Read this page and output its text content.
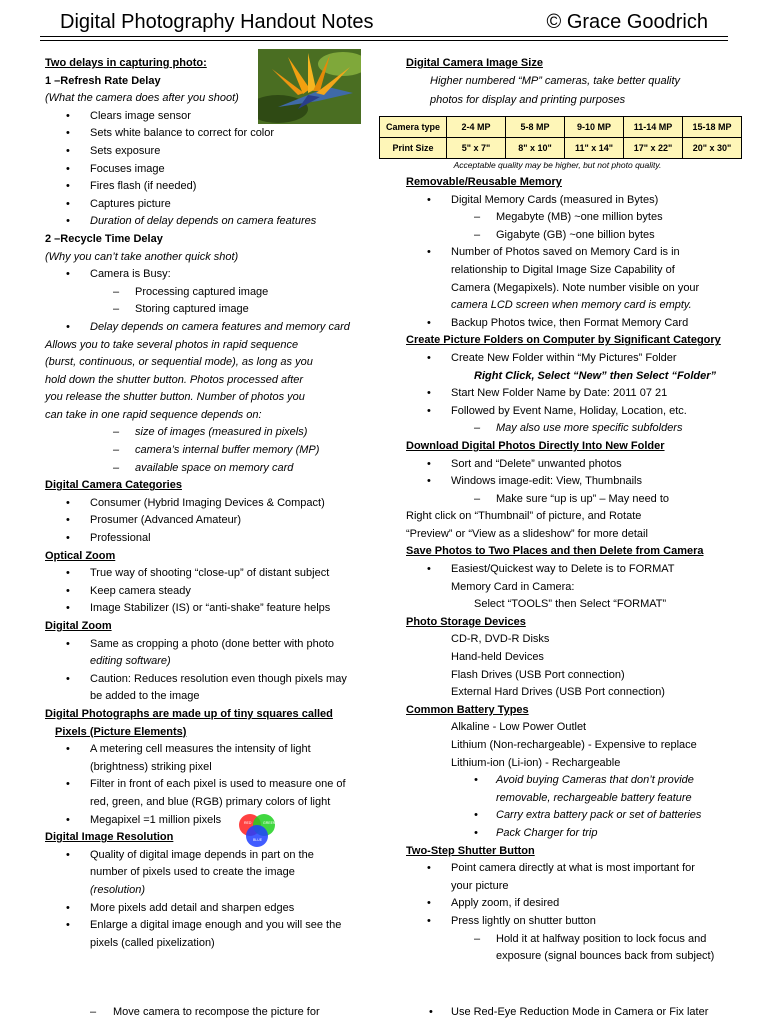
Digital Photography Handout Notes	© Grace Goodrich
Two delays in capturing photo:
1 –Refresh Rate Delay
(What the camera does after you shoot)
• Clears image sensor
• Sets white balance to correct for color
• Sets exposure
• Focuses image
• Fires flash (if needed)
• Captures picture
• Duration of delay depends on camera features
2 –Recycle Time Delay
(Why you can’t take another quick shot)
• Camera is Busy:
– Processing captured image
– Storing captured image
• Delay depends on camera features and memory card
Allows you to take several photos in rapid sequence
(burst, continuous, or sequential mode), as long as you
hold down the shutter button. Photos processed after
you release the shutter button. Number of photos you
can take in one rapid sequence depends on:
– size of images (measured in pixels)
– camera’s internal buffer memory (MP)
– available space on memory card
Digital Camera Categories
• Consumer (Hybrid Imaging Devices & Compact)
• Prosumer (Advanced Amateur)
• Professional
Optical Zoom
• True way of shooting “close-up” of distant subject
• Keep camera steady
• Image Stabilizer (IS) or “anti-shake” feature helps
Digital Zoom
• Same as cropping a photo (done better with photo
editing software)
• Caution: Reduces resolution even though pixels may
be added to the image
Digital Photographs are made up of tiny squares called
Pixels (Picture Elements)
• A metering cell measures the intensity of light
(brightness) striking pixel
• Filter in front of each pixel is used to measure one of
red, green, and blue (RGB) primary colors of light
• Megapixel =1 million pixels
Digital Image Resolution
• Quality of digital image depends in part on the
number of pixels used to create the image
(resolution)
• More pixels add detail and sharpen edges
• Enlarge a digital image enough and you will see the
pixels (called pixelization)
RED	GREEN
BLUE
Digital Camera Image Size
Higher numbered “MP” cameras, take better quality
photos for display and printing purposes
Camera type	2-4 MP	5-8 MP	9-10 MP	11-14 MP	15-18 MP
Print Size	5" x 7"	8" x 10"	11" x 14"	17" x 22"	20" x 30"
Acceptable quality may be higher, but not photo quality.
Removable/Reusable Memory
• Digital Memory Cards (measured in Bytes)
– Megabyte (MB) ~one million bytes
– Gigabyte (GB) ~one billion bytes
• Number of Photos saved on Memory Card is in
relationship to Digital Image Size Capability of
Camera (Megapixels). Note number visible on your
camera LCD screen when memory card is empty.
• Backup Photos twice, then Format Memory Card
Create Picture Folders on Computer by Significant Category
• Create New Folder within “My Pictures” Folder
Right Click, Select “New” then Select “Folder”
• Start New Folder Name by Date: 2011 07 21
• Followed by Event Name, Holiday, Location, etc.
– May also use more specific subfolders
Download Digital Photos Directly Into New Folder
• Sort and “Delete” unwanted photos
• Windows image-edit: View, Thumbnails
– Make sure “up is up” – May need to
Right click on “Thumbnail” of picture, and Rotate
“Preview” or “View as a slideshow” for more detail
Save Photos to Two Places and then Delete from Camera
• Easiest/Quickest way to Delete is to FORMAT
Memory Card in Camera:
Select “TOOLS” then Select “FORMAT”
Photo Storage Devices
CD-R, DVD-R Disks
Hand-held Devices
Flash Drives (USB Port connection)
External Hard Drives (USB Port connection)
Common Battery Types
Alkaline - Low Power Outlet
Lithium (Non-rechargeable) - Expensive to replace
Lithium-ion (Li-ion) - Rechargeable
• Avoid buying Cameras that don’t provide
removable, rechargeable battery feature
• Carry extra battery pack or set of batteries
• Pack Charger for trip
Two-Step Shutter Button
• Point camera directly at what is most important for
your picture
• Apply zoom, if desired
• Press lightly on shutter button
– Hold it at halfway position to lock focus and
exposure (signal bounces back from subject)
– Move camera to recompose the picture for	• Use Red-Eye Reduction Mode in Camera or Fix later
